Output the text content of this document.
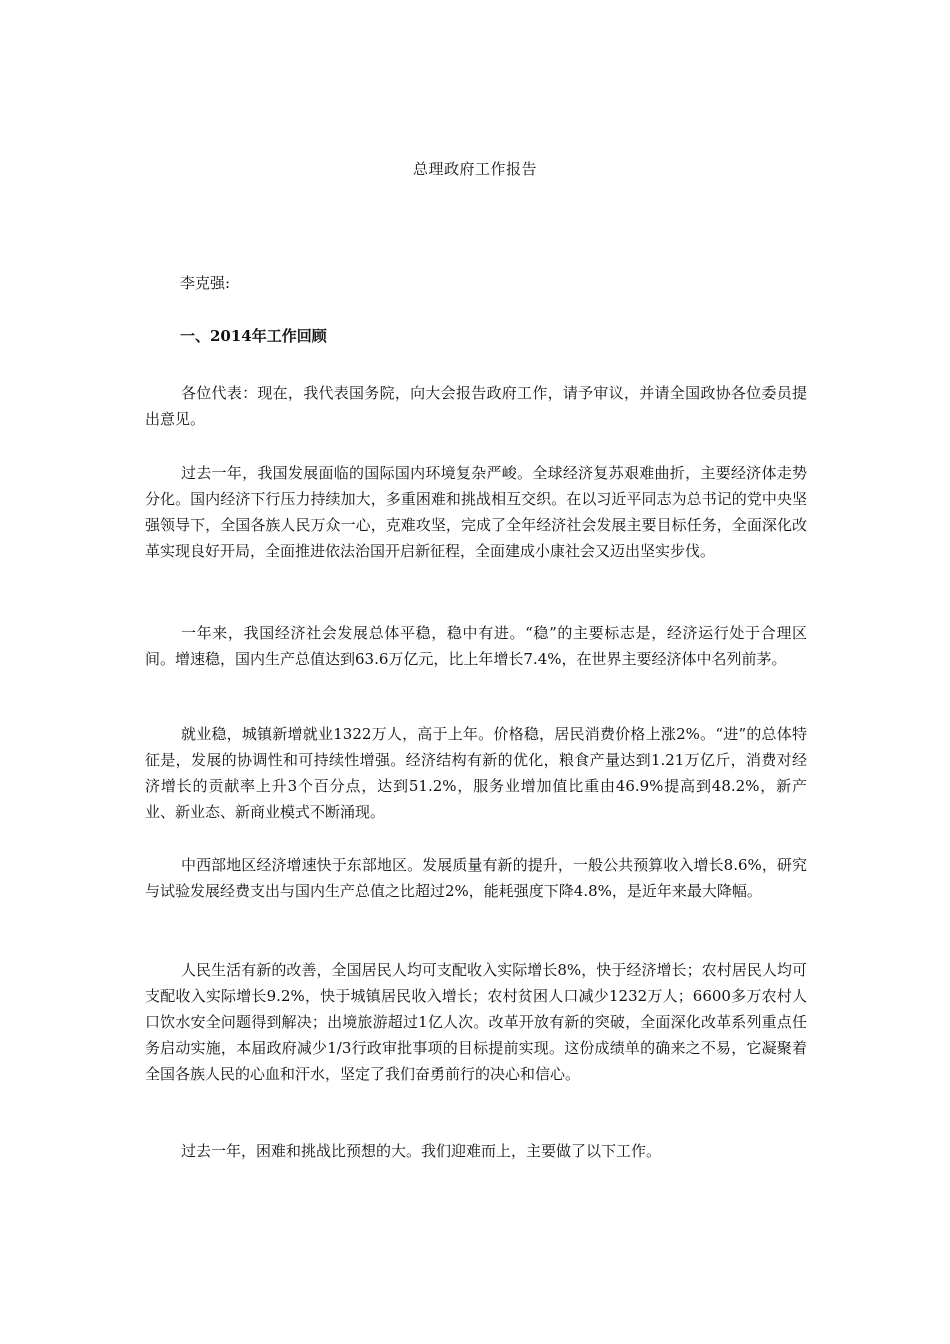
总理政府工作报告
李克强:
一、2014年工作回顾

各位代表：现在，我代表国务院，向大会报告政府工作，请予审议，并请全国政协各位委员提出意见。

过去一年，我国发展面临的国际国内环境复杂严峻。全球经济复苏艰难曲折，主要经济体走势分化。国内经济下行压力持续加大，多重困难和挑战相互交织。在以习近平同志为总书记的党中央坚强领导下，全国各族人民万众一心，克难攻坚，完成了全年经济社会发展主要目标任务，全面深化改革实现良好开局，全面推进依法治国开启新征程，全面建成小康社会又迈出坚实步伐。

一年来，我国经济社会发展总体平稳，稳中有进。“稳”的主要标志是，经济运行处于合理区间。增速稳，国内生产总值达到63.6万亿元，比上年增长7.4%，在世界主要经济体中名列前茅。

就业稳，城镇新增就业1322万人，高于上年。价格稳，居民消费价格上涨2%。“进”的总体特征是，发展的协调性和可持续性增强。经济结构有新的优化，粮食产量达到1.21万亿斤，消费对经济增长的贡献率上升3个百分点，达到51.2%，服务业增加值比重由46.9%提高到48.2%，新产业、新业态、新商业模式不断涌现。

中西部地区经济增速快于东部地区。发展质量有新的提升，一般公共预算收入增长8.6%，研究与试验发展经费支出与国内生产总值之比超过2%，能耗强度下降4.8%，是近年来最大降幅。

人民生活有新的改善，全国居民人均可支配收入实际增长8%，快于经济增长；农村居民人均可支配收入实际增长9.2%，快于城镇居民收入增长；农村贫困人口减少1232万人；6600多万农村人口饮水安全问题得到解决；出境旅游超过1亿人次。改革开放有新的突破，全面深化改革系列重点任务启动实施，本届政府减少1/3行政审批事项的目标提前实现。这份成绩单的确来之不易，它凝聚着全国各族人民的心血和汗水，坚定了我们奋勇前行的决心和信心。

过去一年，困难和挑战比预想的大。我们迎难而上，主要做了以下工作。
